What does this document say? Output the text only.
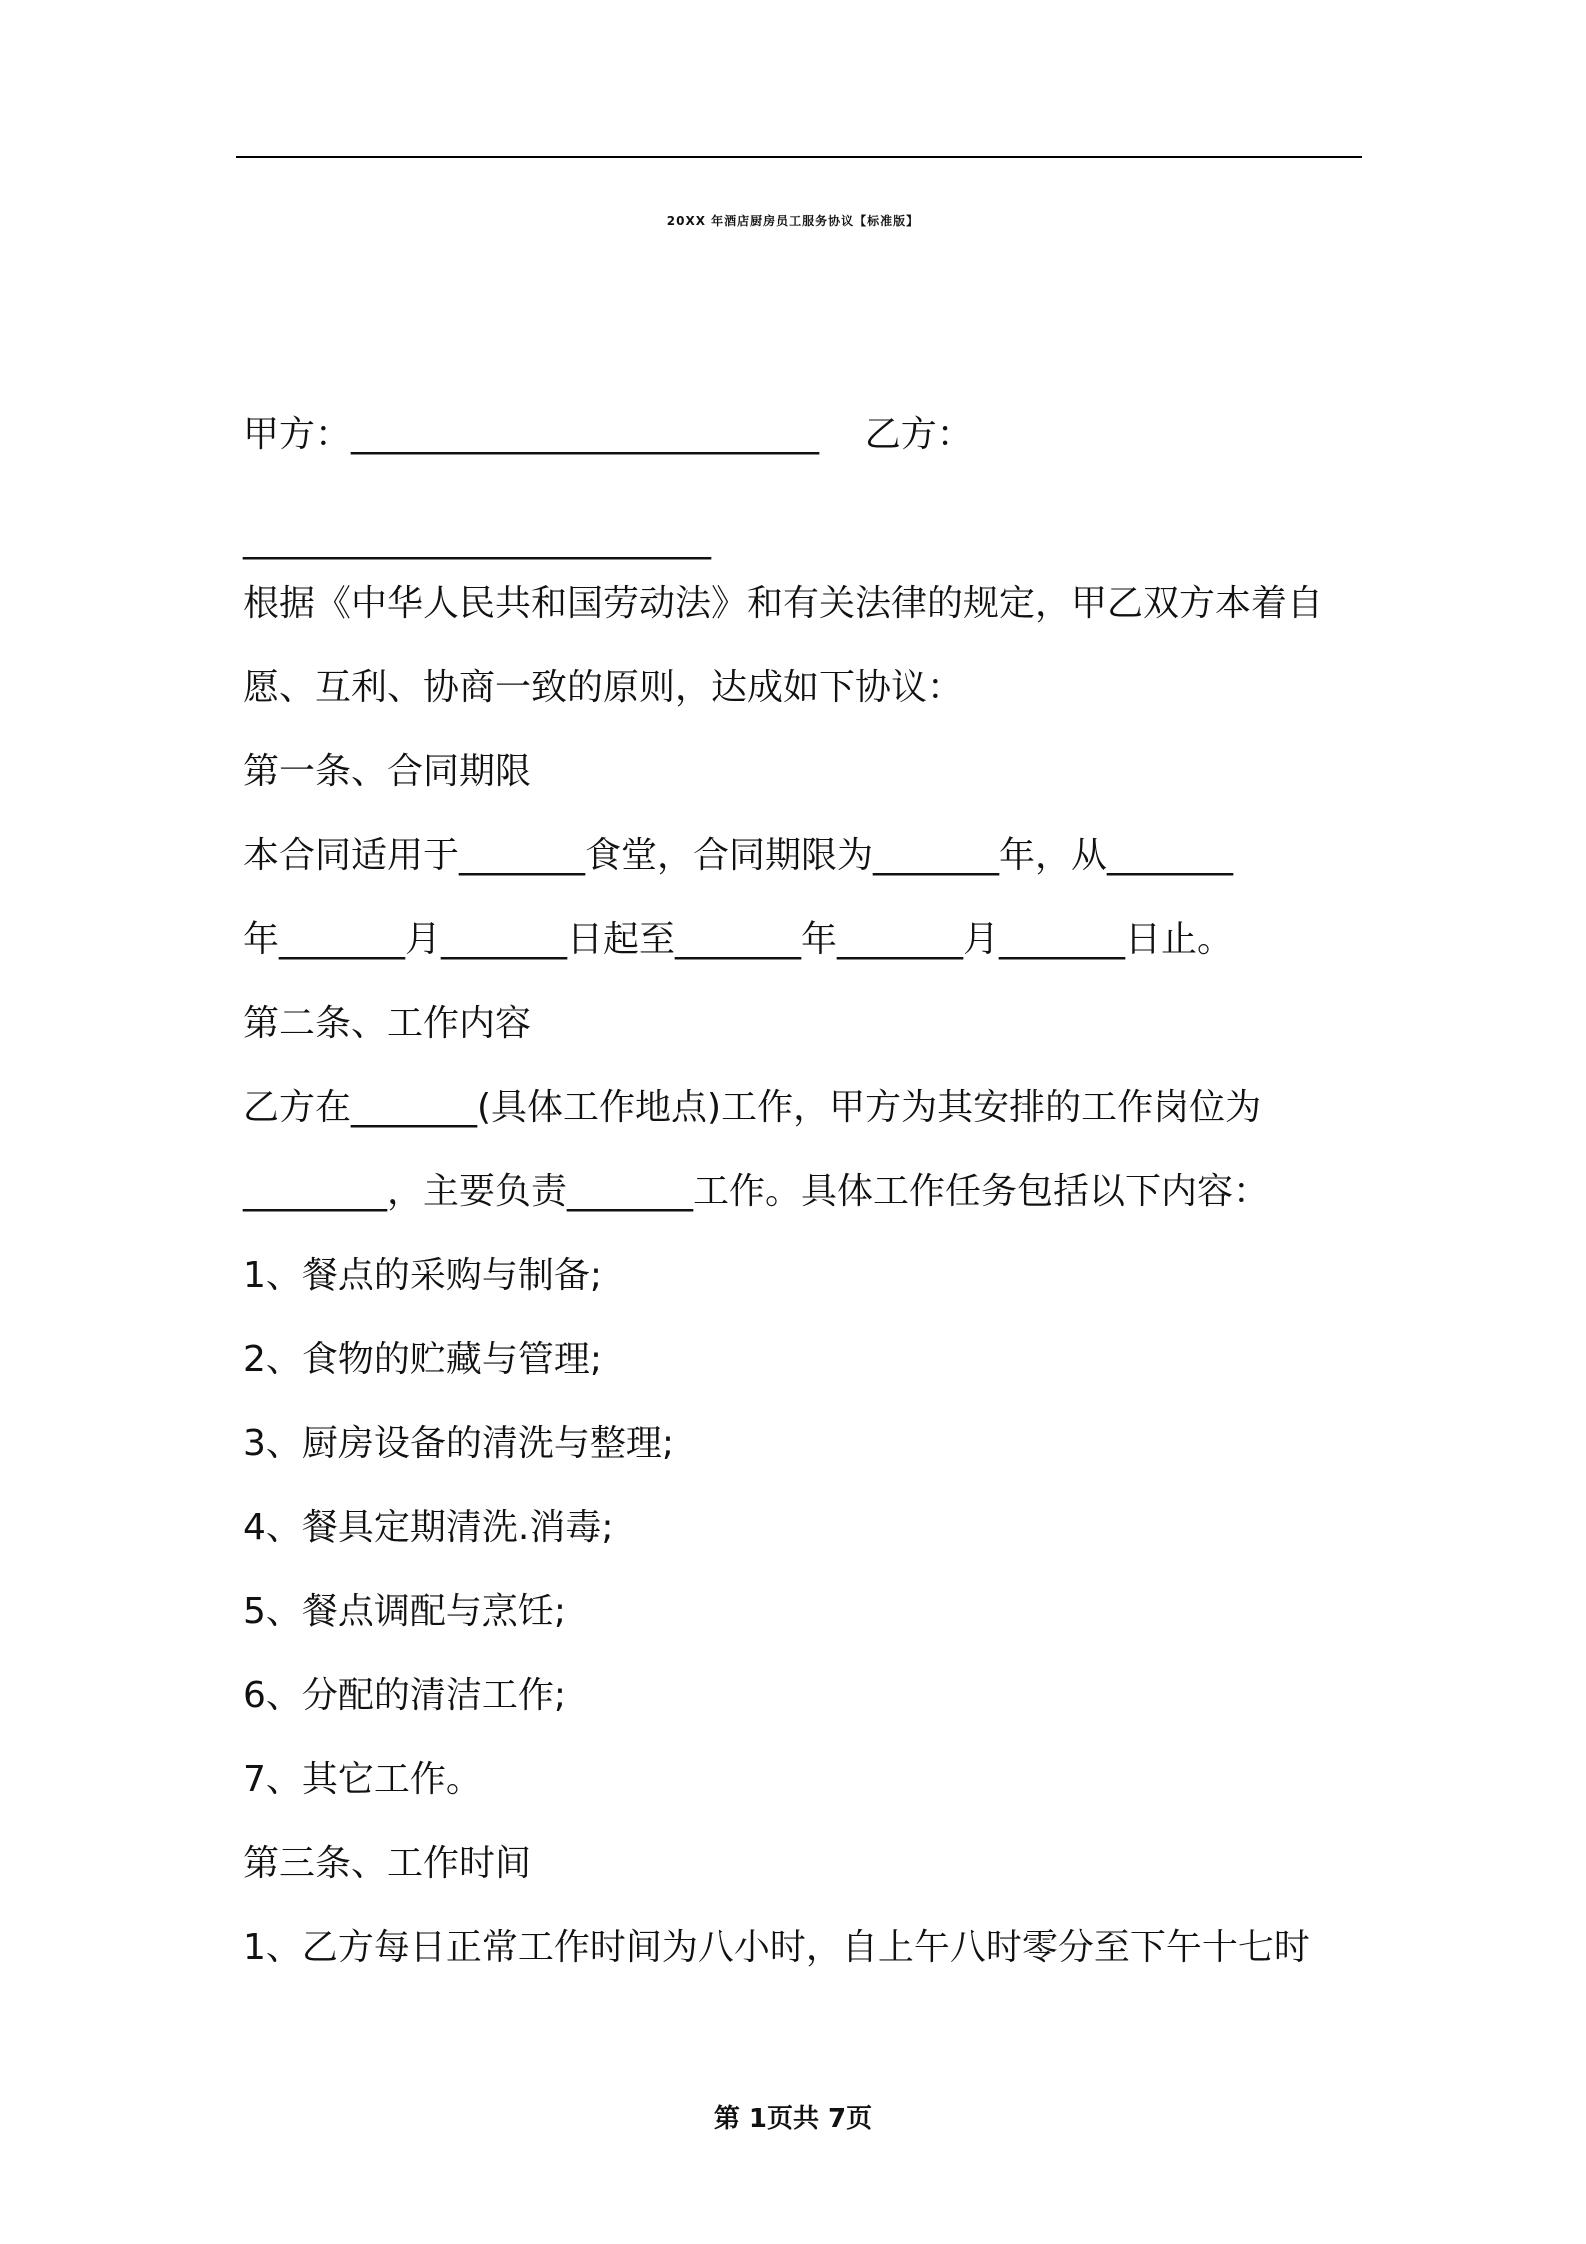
20XX 年酒店厨房员工服务协议【标准版】
甲方：__________________________    乙方：
__________________________
根据《中华人民共和国劳动法》和有关法律的规定，甲乙双方本着自
愿、互利、协商一致的原则，达成如下协议：
第一条、合同期限
本合同适用于_______食堂，合同期限为_______年，从_______
年_______月_______日起至_______年_______月_______日止。
第二条、工作内容
乙方在_______(具体工作地点)工作，甲方为其安排的工作岗位为
________，主要负责_______工作。具体工作任务包括以下内容：
1、餐点的采购与制备;
2、食物的贮藏与管理;
3、厨房设备的清洗与整理;
4、餐具定期清洗.消毒;
5、餐点调配与烹饪;
6、分配的清洁工作;
7、其它工作。
第三条、工作时间
1、乙方每日正常工作时间为八小时，自上午八时零分至下午十七时
第 1页共 7页
